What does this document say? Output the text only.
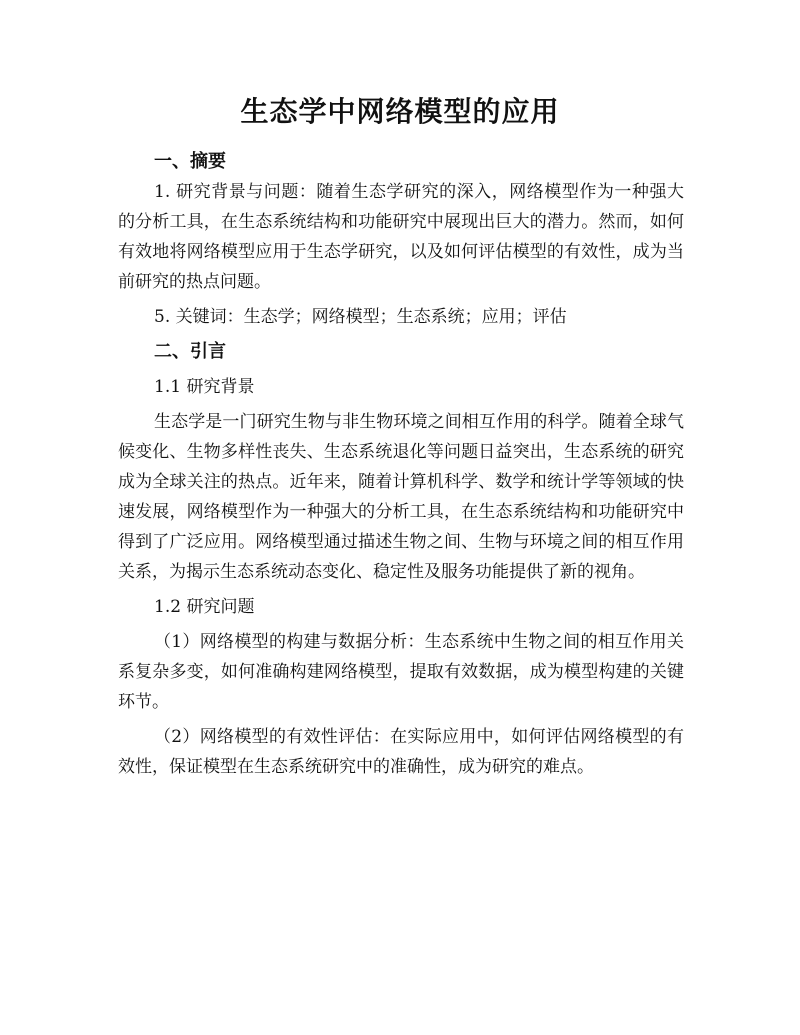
生态学中网络模型的应用
一、摘要

1. 研究背景与问题：随着生态学研究的深入，网络模型作为一种强大的分析工具，在生态系统结构和功能研究中展现出巨大的潜力。然而，如何有效地将网络模型应用于生态学研究，以及如何评估模型的有效性，成为当前研究的热点问题。

5. 关键词：生态学；网络模型；生态系统；应用；评估

二、引言

1.1 研究背景

生态学是一门研究生物与非生物环境之间相互作用的科学。随着全球气候变化、生物多样性丧失、生态系统退化等问题日益突出，生态系统的研究成为全球关注的热点。近年来，随着计算机科学、数学和统计学等领域的快速发展，网络模型作为一种强大的分析工具，在生态系统结构和功能研究中得到了广泛应用。网络模型通过描述生物之间、生物与环境之间的相互作用关系，为揭示生态系统动态变化、稳定性及服务功能提供了新的视角。

1.2 研究问题

（1）网络模型的构建与数据分析：生态系统中生物之间的相互作用关系复杂多变，如何准确构建网络模型，提取有效数据，成为模型构建的关键环节。

（2）网络模型的有效性评估：在实际应用中，如何评估网络模型的有效性，保证模型在生态系统研究中的准确性，成为研究的难点。
